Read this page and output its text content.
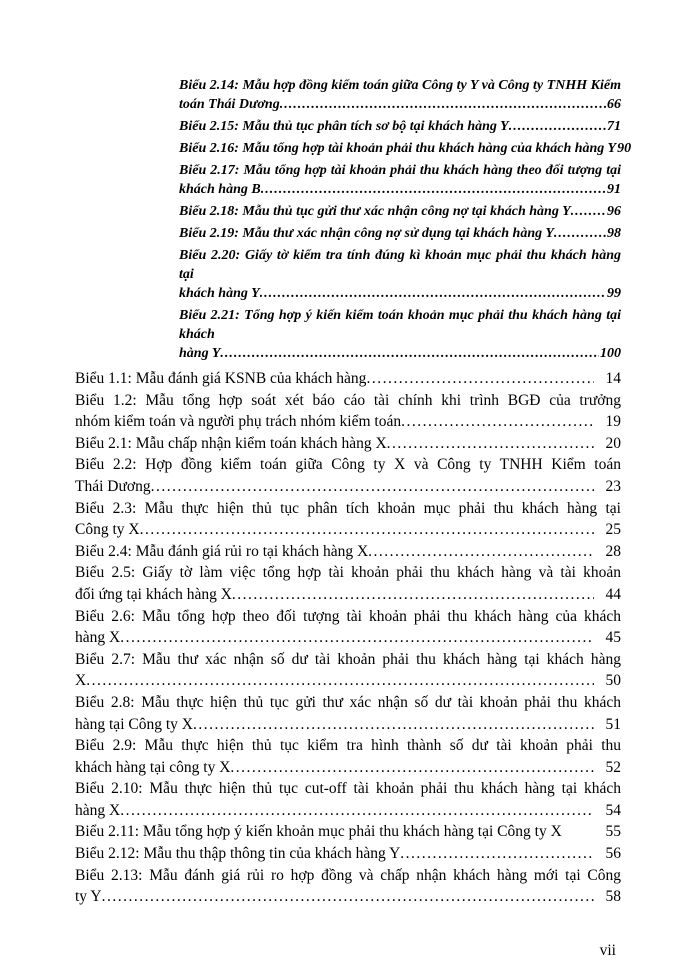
Biểu 2.14: Mẫu hợp đồng kiểm toán giữa Công ty Y và Công ty TNHH Kiểm
toán Thái Dương .....	66
Biểu 2.15: Mẫu thủ tục phân tích sơ bộ tại khách hàng Y .....	71
Biểu 2.16: Mẫu tổng hợp tài khoản phải thu khách hàng của khách hàng Y 90
Biểu 2.17: Mẫu tổng hợp tài khoản phải thu khách hàng theo đối tượng tại
khách hàng B .....	91
Biểu 2.18: Mẫu thủ tục gửi thư xác nhận công nợ tại khách hàng Y .....	96
Biểu 2.19: Mẫu thư xác nhận công nợ sử dụng tại khách hàng Y .....	98
Biểu 2.20: Giấy tờ kiểm tra tính đúng kì khoản mục phải thu khách hàng tại
khách hàng Y .....	99
Biểu 2.21: Tổng hợp ý kiến kiểm toán khoản mục phải thu khách hàng tại khách
hàng Y .....	100
Biểu 1.1: Mẫu đánh giá KSNB của khách hàng .....	14
Biểu 1.2: Mẫu tổng hợp soát xét báo cáo tài chính khi trình BGĐ của trưởng
nhóm kiểm toán và người phụ trách nhóm kiểm toán .....	19
Biểu 2.1: Mẫu chấp nhận kiểm toán khách hàng X .....	20
Biểu 2.2: Hợp đồng kiểm toán giữa Công ty X và Công ty TNHH Kiểm toán
Thái Dương .....	23
Biểu 2.3: Mẫu thực hiện thủ tục phân tích khoản mục phải thu khách hàng tại
Công ty X .....	25
Biểu 2.4: Mẫu đánh giá rủi ro tại khách hàng X .....	28
Biểu 2.5: Giấy tờ làm việc tổng hợp tài khoản phải thu khách hàng và tài khoản
đối ứng tại khách hàng X .....	44
Biểu 2.6: Mẫu tổng hợp theo đối tượng tài khoản phải thu khách hàng của khách
hàng X .....	45
Biểu 2.7: Mẫu thư xác nhận số dư tài khoản phải thu khách hàng tại khách hàng
X .....	50
Biểu 2.8: Mẫu thực hiện thủ tục gửi thư xác nhận số dư tài khoản phải thu khách
hàng tại Công ty X .....	51
Biểu 2.9: Mẫu thực hiện thủ tục kiểm tra hình thành số dư tài khoản phải thu
khách hàng tại công ty X .....	52
Biểu 2.10: Mẫu thực hiện thủ tục cut-off tài khoản phải thu khách hàng tại khách
hàng X .....	54
Biểu 2.11: Mẫu tổng hợp ý kiến khoản mục phải thu khách hàng tại Công ty X	55
Biểu 2.12: Mẫu thu thập thông tin của khách hàng Y .....	56
Biểu 2.13: Mẫu đánh giá rủi ro hợp đồng và chấp nhận khách hàng mới tại Công
ty Y .....	58
vii
